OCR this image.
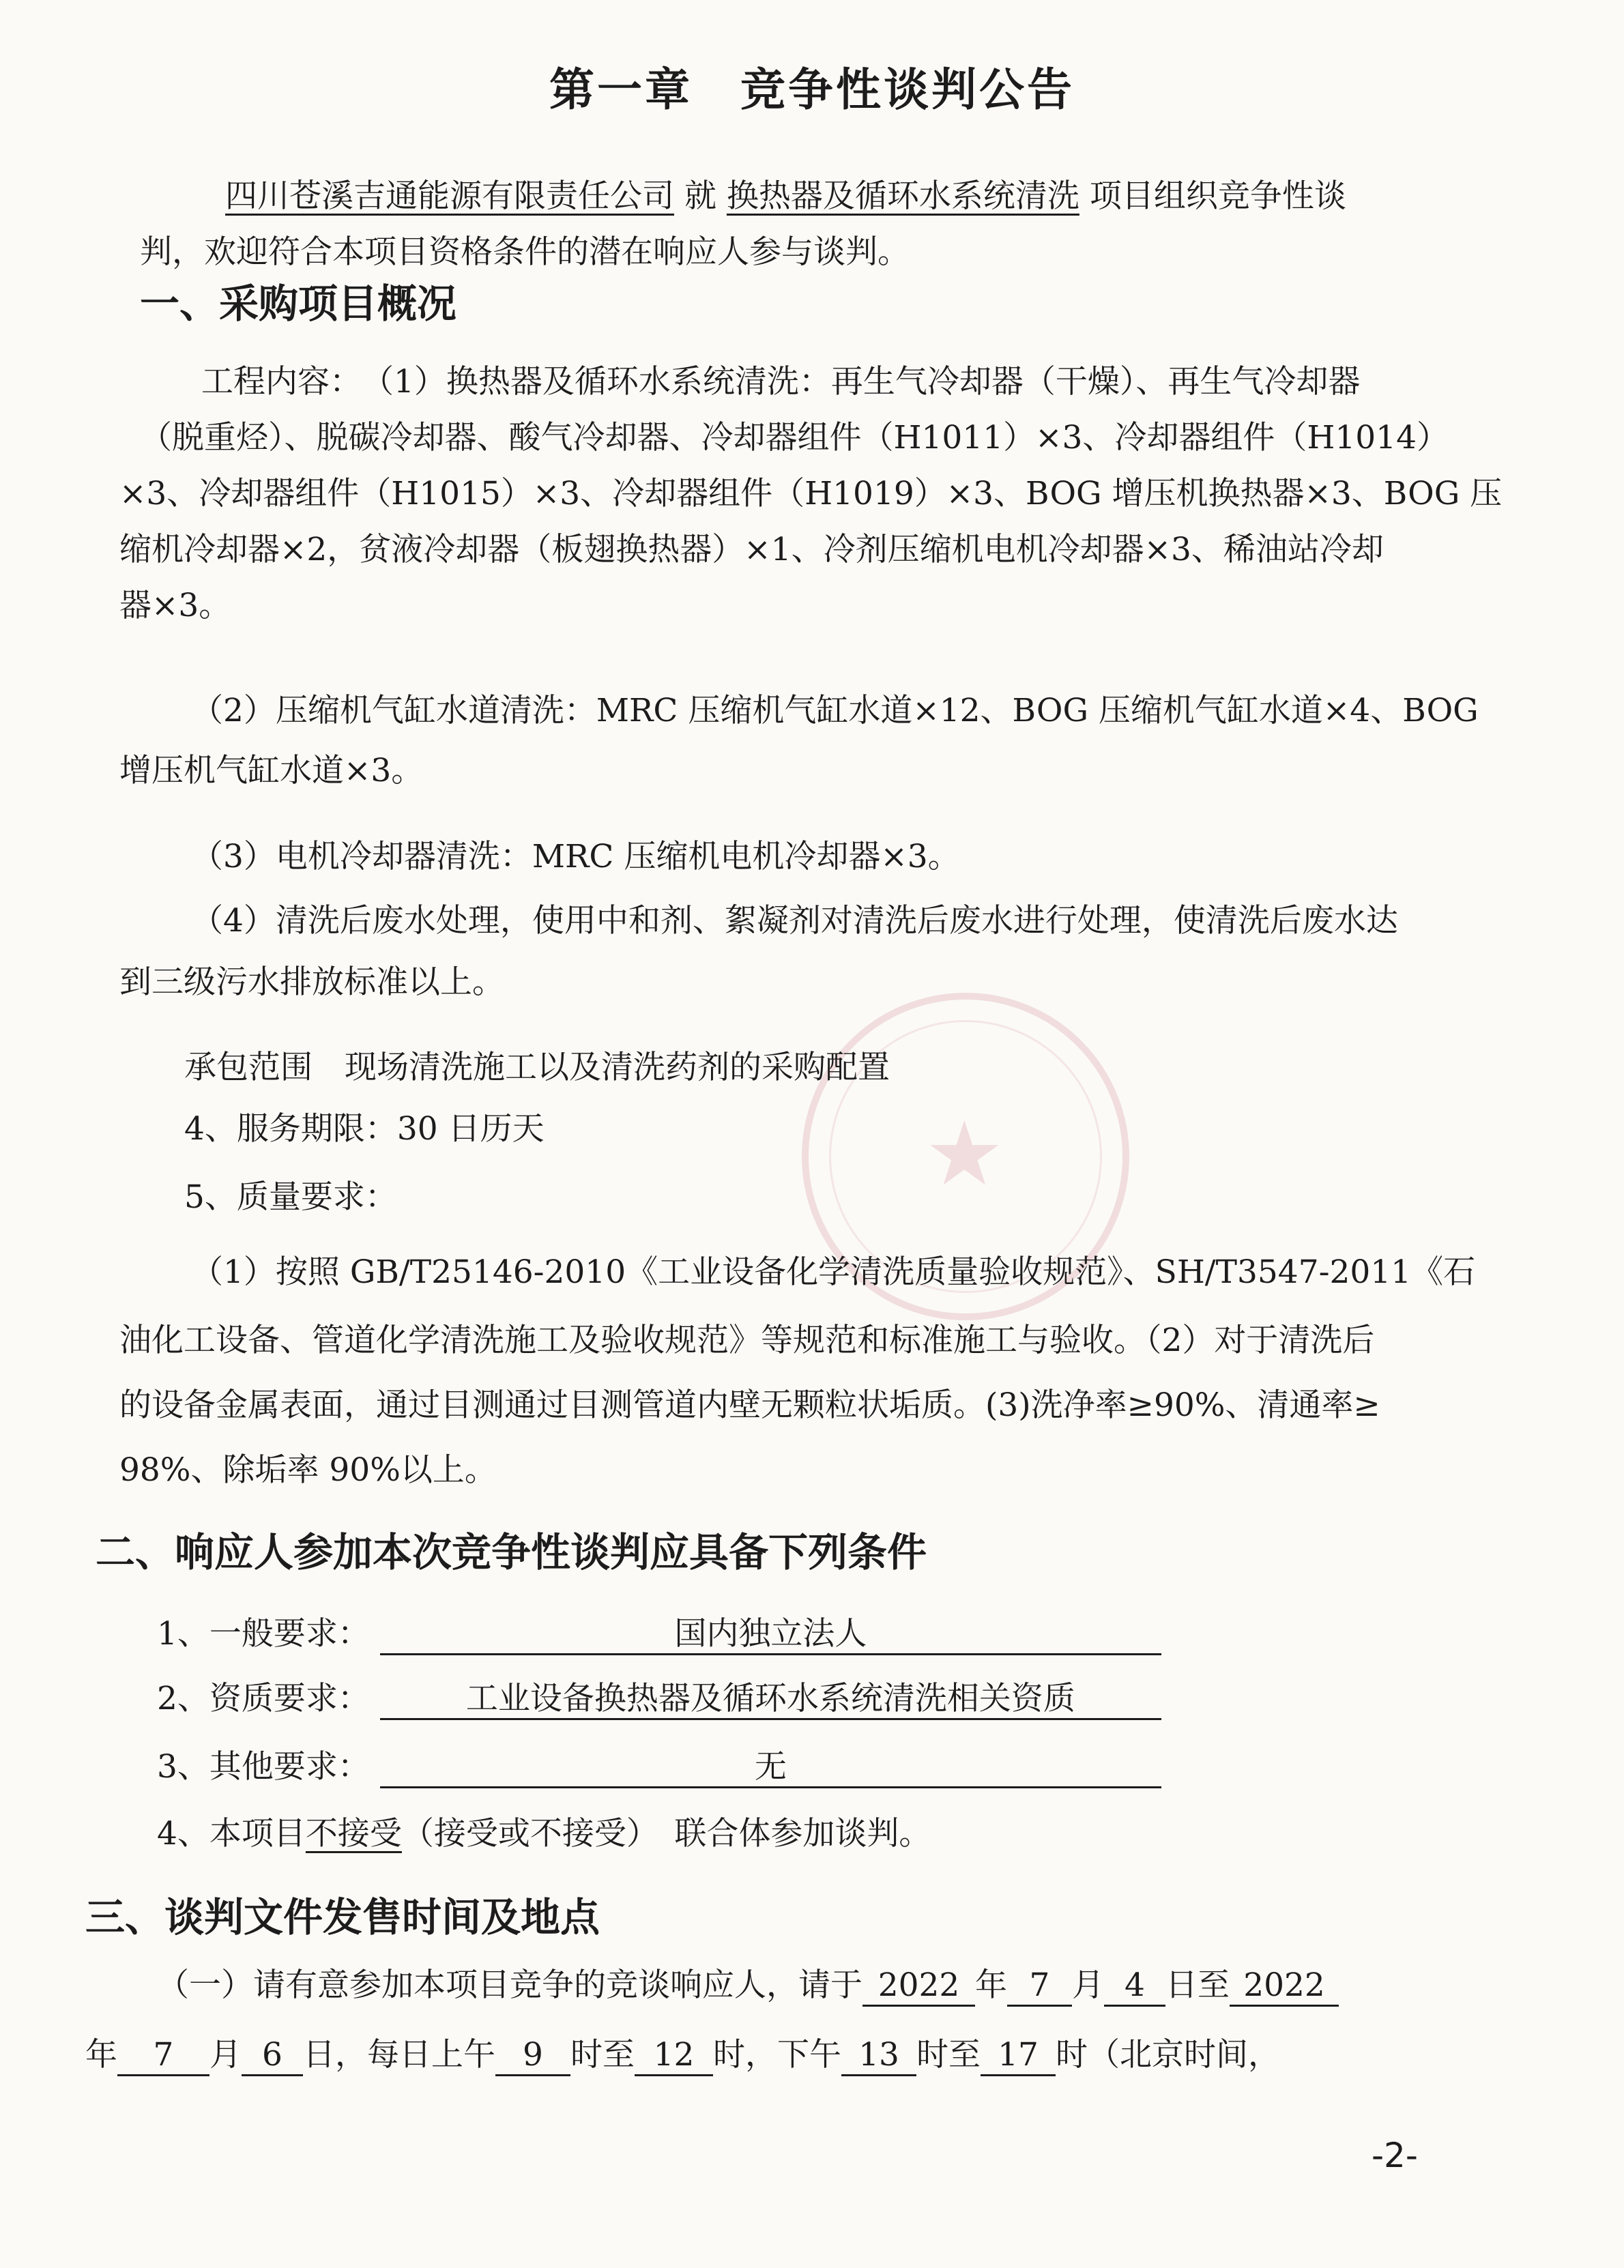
第一章 竞争性谈判公告
四川苍溪吉通能源有限责任公司 就 换热器及循环水系统清洗 项目组织竞争性谈
判，欢迎符合本项目资格条件的潜在响应人参与谈判。
一、采购项目概况
工程内容：　（1）换热器及循环水系统清洗：再生气冷却器（干燥）、再生气冷却器
（脱重烃）、脱碳冷却器、酸气冷却器、冷却器组件（H1011）×3、冷却器组件（H1014）
×3、冷却器组件（H1015）×3、冷却器组件（H1019）×3、BOG 增压机换热器×3、BOG 压
缩机冷却器×2，贫液冷却器（板翅换热器）×1、冷剂压缩机电机冷却器×3、稀油站冷却
器×3。
（2）压缩机气缸水道清洗：MRC 压缩机气缸水道×12、BOG 压缩机气缸水道×4、BOG
增压机气缸水道×3。
（3）电机冷却器清洗：MRC 压缩机电机冷却器×3。
（4）清洗后废水处理，使用中和剂、絮凝剂对清洗后废水进行处理，使清洗后废水达
到三级污水排放标准以上。
★
承包范围　现场清洗施工以及清洗药剂的采购配置
4、服务期限：30 日历天
5、质量要求：
（1）按照 GB/T25146-2010《工业设备化学清洗质量验收规范》、SH/T3547-2011《石
油化工设备、管道化学清洗施工及验收规范》等规范和标准施工与验收。（2）对于清洗后
的设备金属表面，通过目测通过目测管道内壁无颗粒状垢质。(3)洗净率≥90%、清通率≥
98%、除垢率 90%以上。
二、响应人参加本次竞争性谈判应具备下列条件
1、一般要求：	国内独立法人
2、资质要求：	工业设备换热器及循环水系统清洗相关资质
3、其他要求：	无
4、本项目不接受（接受或不接受）　联合体参加谈判。
三、谈判文件发售时间及地点
（一）请有意参加本项目竞争的竞谈响应人，请于 2022 年 7 月 4 日至 2022
年 7 月 6 日，每日上午 9 时至 12 时，下午 13 时至 17 时（北京时间，
-2-
